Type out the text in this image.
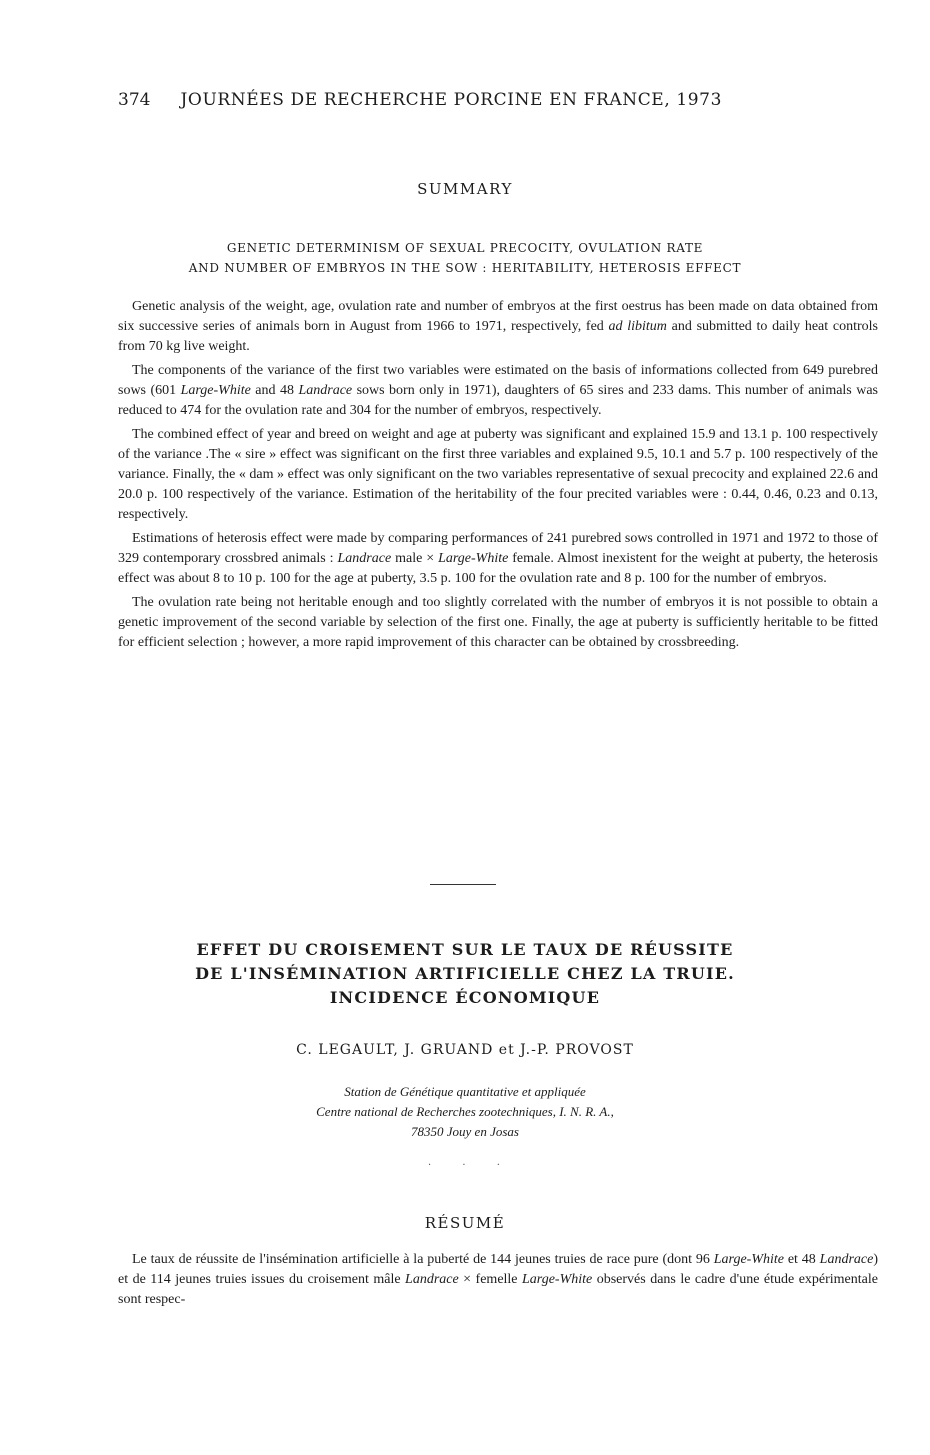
374 JOURNÉES DE RECHERCHE PORCINE EN FRANCE, 1973
SUMMARY
GENETIC DETERMINISM OF SEXUAL PRECOCITY, OVULATION RATE
AND NUMBER OF EMBRYOS IN THE SOW : HERITABILITY, HETEROSIS EFFECT

Genetic analysis of the weight, age, ovulation rate and number of embryos at the first oestrus has been made on data obtained from six successive series of animals born in August from 1966 to 1971, respectively, fed ad libitum and submitted to daily heat controls from 70 kg live weight.

The components of the variance of the first two variables were estimated on the basis of informations collected from 649 purebred sows (601 Large-White and 48 Landrace sows born only in 1971), daughters of 65 sires and 233 dams. This number of animals was reduced to 474 for the ovulation rate and 304 for the number of embryos, respectively.

The combined effect of year and breed on weight and age at puberty was significant and explained 15.9 and 13.1 p. 100 respectively of the variance .The « sire » effect was significant on the first three variables and explained 9.5, 10.1 and 5.7 p. 100 respectively of the variance. Finally, the « dam » effect was only significant on the two variables representative of sexual precocity and explained 22.6 and 20.0 p. 100 respectively of the variance. Estimation of the heritability of the four precited variables were : 0.44, 0.46, 0.23 and 0.13, respectively.

Estimations of heterosis effect were made by comparing performances of 241 purebred sows controlled in 1971 and 1972 to those of 329 contemporary crossbred animals : Landrace male × Large-White female. Almost inexistent for the weight at puberty, the heterosis effect was about 8 to 10 p. 100 for the age at puberty, 3.5 p. 100 for the ovulation rate and 8 p. 100 for the number of embryos.

The ovulation rate being not heritable enough and too slightly correlated with the number of embryos it is not possible to obtain a genetic improvement of the second variable by selection of the first one. Finally, the age at puberty is sufficiently heritable to be fitted for efficient selection ; however, a more rapid improvement of this character can be obtained by crossbreeding.

EFFET DU CROISEMENT SUR LE TAUX DE RÉUSSITE
DE L'INSÉMINATION ARTIFICIELLE CHEZ LA TRUIE.
INCIDENCE ÉCONOMIQUE
C. LEGAULT, J. GRUAND et J.-P. PROVOST
Station de Génétique quantitative et appliquée
Centre national de Recherches zootechniques, I. N. R. A.,
78350 Jouy en Josas
· · ·
RÉSUMÉ

Le taux de réussite de l'insémination artificielle à la puberté de 144 jeunes truies de race pure (dont 96 Large-White et 48 Landrace) et de 114 jeunes truies issues du croisement mâle Landrace × femelle Large-White observés dans le cadre d'une étude expérimentale sont respec-
